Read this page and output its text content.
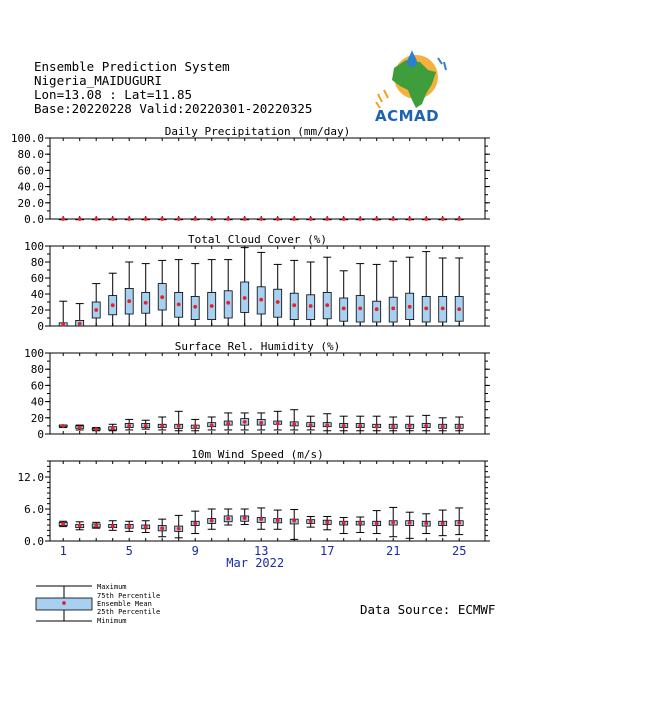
Ensemble Prediction System
Nigeria_MAIDUGURI
Lon=13.08 : Lat=11.85
Base:20220228 Valid:20220301-20220325	ACMAD
Daily Precipitation (mm/day)
0.0
20.0
40.0
60.0
80.0
100.0
Total Cloud Cover (%)
0
20
40
60
80
100
Surface Rel. Humidity (%)
0
20
40
60
80
100
10m Wind Speed (m/s)
0.0
6.0
12.0
1	5	9	13	17	21	25
Mar 2022
Data Source: ECMWF
Maximum
75th Percentile
Ensemble Mean
25th Percentile
Minimum
